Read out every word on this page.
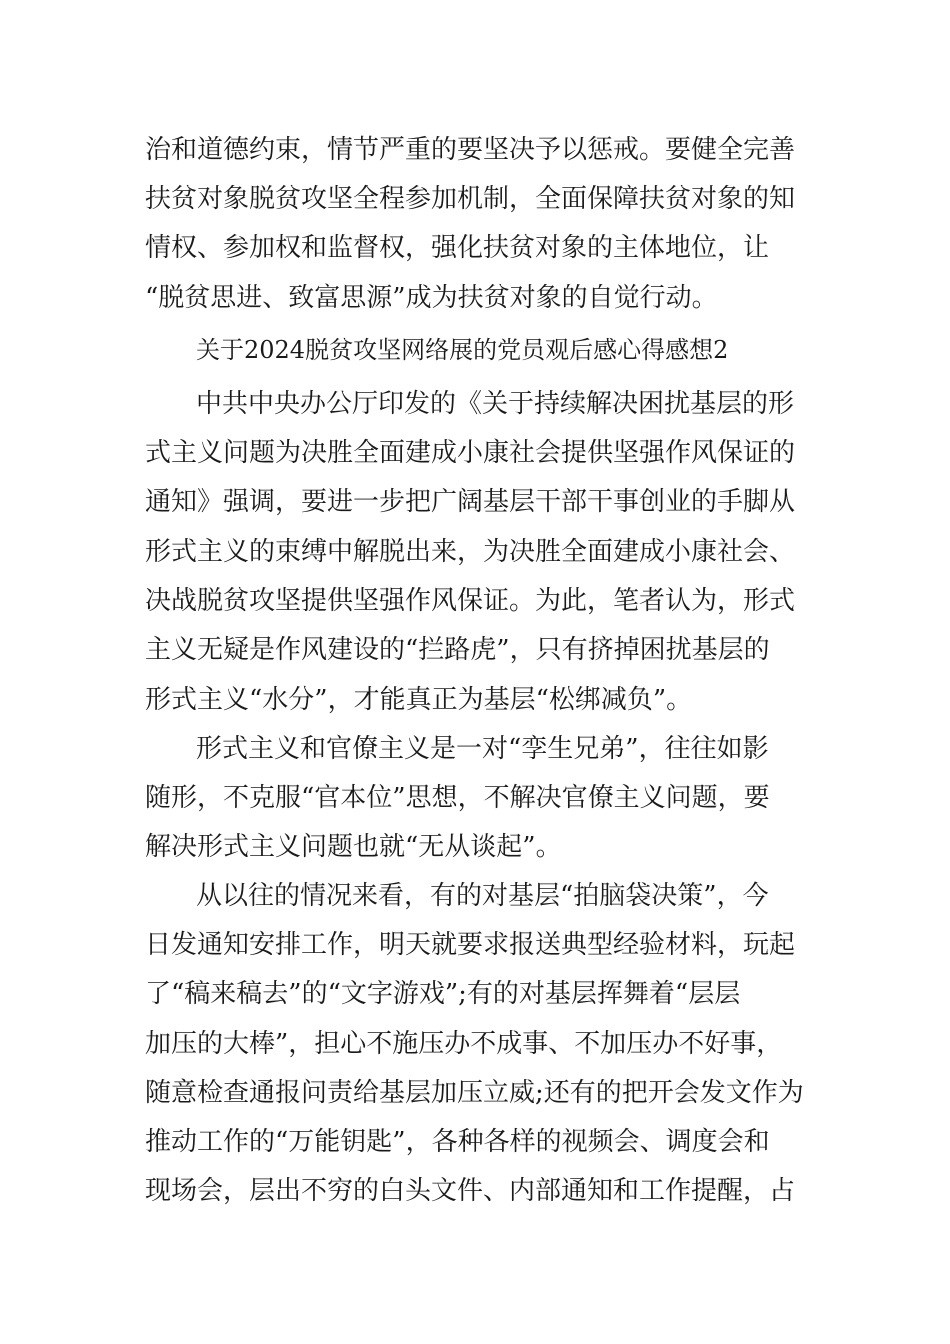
治和道德约束，情节严重的要坚决予以惩戒。要健全完善
扶贫对象脱贫攻坚全程参加机制，全面保障扶贫对象的知
情权、参加权和监督权，强化扶贫对象的主体地位，让
“脱贫思进、致富思源”成为扶贫对象的自觉行动。
关于2024脱贫攻坚网络展的党员观后感心得感想2
中共中央办公厅印发的《关于持续解决困扰基层的形
式主义问题为决胜全面建成小康社会提供坚强作风保证的
通知》强调，要进一步把广阔基层干部干事创业的手脚从
形式主义的束缚中解脱出来，为决胜全面建成小康社会、
决战脱贫攻坚提供坚强作风保证。为此，笔者认为，形式
主义无疑是作风建设的“拦路虎”，只有挤掉困扰基层的
形式主义“水分”，才能真正为基层“松绑减负”。
形式主义和官僚主义是一对“孪生兄弟”，往往如影
随形，不克服“官本位”思想，不解决官僚主义问题，要
解决形式主义问题也就“无从谈起”。
从以往的情况来看，有的对基层“拍脑袋决策”，今
日发通知安排工作，明天就要求报送典型经验材料，玩起
了“稿来稿去”的“文字游戏”;有的对基层挥舞着“层层
加压的大棒”，担心不施压办不成事、不加压办不好事，
随意检查通报问责给基层加压立威;还有的把开会发文作为
推动工作的“万能钥匙”，各种各样的视频会、调度会和
现场会，层出不穷的白头文件、内部通知和工作提醒，占
